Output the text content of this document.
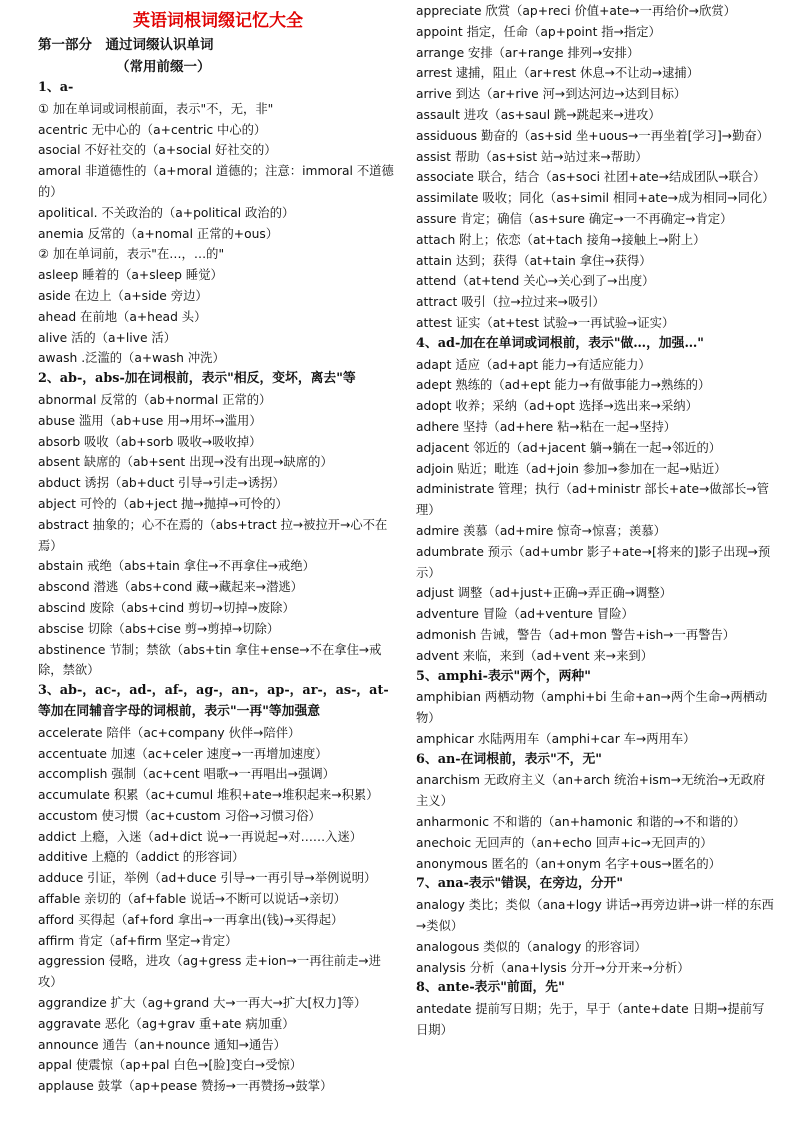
英语词根词缀记忆大全
第一部分　通过词缀认识单词
（常用前缀一）
1、a-
① 加在单词或词根前面，表示"不，无，非"
acentric 无中心的（a+centric 中心的）
asocial 不好社交的（a+social 好社交的）
amoral 非道德性的（a+moral 道德的；注意：immoral 不道德的）
apolitical. 不关政治的（a+political 政治的）
anemia 反常的（a+nomal 正常的+ous）
② 加在单词前，表示"在…，…的"
asleep 睡着的（a+sleep 睡觉）
aside 在边上（a+side 旁边）
ahead 在前地（a+head 头）
alive 活的（a+live 活）
awash .泛滥的（a+wash 冲洗）
2、ab-，abs-加在词根前，表示"相反，变坏，离去"等
abnormal 反常的（ab+normal 正常的）
abuse 滥用（ab+use 用→用坏→滥用）
absorb 吸收（ab+sorb 吸收→吸收掉）
absent 缺席的（ab+sent 出现→没有出现→缺席的）
abduct 诱拐（ab+duct 引导→引走→诱拐）
abject 可怜的（ab+ject 抛→抛掉→可怜的）
abstract 抽象的；心不在焉的（abs+tract 拉→被拉开→心不在焉）
abstain 戒绝（abs+tain 拿住→不再拿住→戒绝）
abscond 潜逃（abs+cond 藏→藏起来→潜逃）
abscind 废除（abs+cind 剪切→切掉→废除）
abscise 切除（abs+cise 剪→剪掉→切除）
abstinence 节制；禁欲（abs+tin 拿住+ense→不在拿住→戒除，禁欲）
3、ab-，ac-，ad-，af-，ag-，an-，ap-，ar-，as-，at-等加在同辅音字母的词根前，表示"一再"等加强意
accelerate 陪伴（ac+company 伙伴→陪伴）
accentuate 加速（ac+celer 速度→一再增加速度）
accomplish 强制（ac+cent 唱歌→一再唱出→强调）
accumulate 积累（ac+cumul 堆积+ate→堆积起来→积累）
accustom 使习惯（ac+custom 习俗→习惯习俗）
addict 上瘾，入迷（ad+dict 说→一再说起→对……入迷）
additive 上瘾的（addict 的形容词）
adduce 引证，举例（ad+duce 引导→一再引导→举例说明）
affable 亲切的（af+fable 说话→不断可以说话→亲切）
afford 买得起（af+ford 拿出→一再拿出(钱)→买得起）
affirm 肯定（af+firm 坚定→肯定）
aggression 侵略，进攻（ag+gress 走+ion→一再往前走→进攻）
aggrandize 扩大（ag+grand 大→一再大→扩大[权力]等）
aggravate 恶化（ag+grav 重+ate 病加重）
announce 通告（an+nounce 通知→通告）
appal 使震惊（ap+pal 白色→[脸]变白→受惊）
applause 鼓掌（ap+pease 赞扬→一再赞扬→鼓掌）
appreciate 欣赏（ap+reci 价值+ate→一再给价→欣赏）
appoint 指定，任命（ap+point 指→指定）
arrange 安排（ar+range 排列→安排）
arrest 逮捕，阻止（ar+rest 休息→不让动→逮捕）
arrive 到达（ar+rive 河→到达河边→达到目标）
assault 进攻（as+saul 跳→跳起来→进攻）
assiduous 勤奋的（as+sid 坐+uous→一再坐着[学习]→勤奋）
assist 帮助（as+sist 站→站过来→帮助）
associate 联合，结合（as+soci 社团+ate→结成团队→联合）
assimilate 吸收；同化（as+simil 相同+ate→成为相同→同化）
assure 肯定；确信（as+sure 确定→一不再确定→肯定）
attach 附上；依恋（at+tach 接角→接触上→附上）
attain 达到；获得（at+tain 拿住→获得）
attend（at+tend 关心→关心到了→出度）
attract 吸引（拉→拉过来→吸引）
attest 证实（at+test 试验→一再试验→证实）
4、ad-加在在单词或词根前，表示"做…，加强…"
adapt 适应（ad+apt 能力→有适应能力）
adept 熟练的（ad+ept 能力→有做事能力→熟练的）
adopt 收养；采纳（ad+opt 选择→选出来→采纳）
adhere 坚持（ad+here 粘→粘在一起→坚持）
adjacent 邻近的（ad+jacent 躺→躺在一起→邻近的）
adjoin 贴近；毗连（ad+join 参加→参加在一起→贴近）
administrate 管理；执行（ad+ministr 部长+ate→做部长→管理）
admire 羡慕（ad+mire 惊奇→惊喜；羡慕）
adumbrate 预示（ad+umbr 影子+ate→[将来的]影子出现→预示）
adjust 调整（ad+just+正确→弄正确→调整）
adventure 冒险（ad+venture 冒险）
admonish 告诫，警告（ad+mon 警告+ish→一再警告）
advent 来临，来到（ad+vent 来→来到）
5、amphi-表示"两个，两种"
amphibian 两栖动物（amphi+bi 生命+an→两个生命→两栖动物）
amphicar 水陆两用车（amphi+car 车→两用车）
6、an-在词根前，表示"不，无"
anarchism 无政府主义（an+arch 统治+ism→无统治→无政府主义）
anharmonic 不和谐的（an+hamonic 和谐的→不和谐的）
anechoic 无回声的（an+echo 回声+ic→无回声的）
anonymous 匿名的（an+onym 名字+ous→匿名的）
7、ana-表示"错误，在旁边，分开"
analogy 类比；类似（ana+logy 讲话→再旁边讲→讲一样的东西→类似）
analogous 类似的（analogy 的形容词）
analysis 分析（ana+lysis 分开→分开来→分析）
8、ante-表示"前面，先"
antedate 提前写日期；先于，早于（ante+date 日期→提前写日期）
